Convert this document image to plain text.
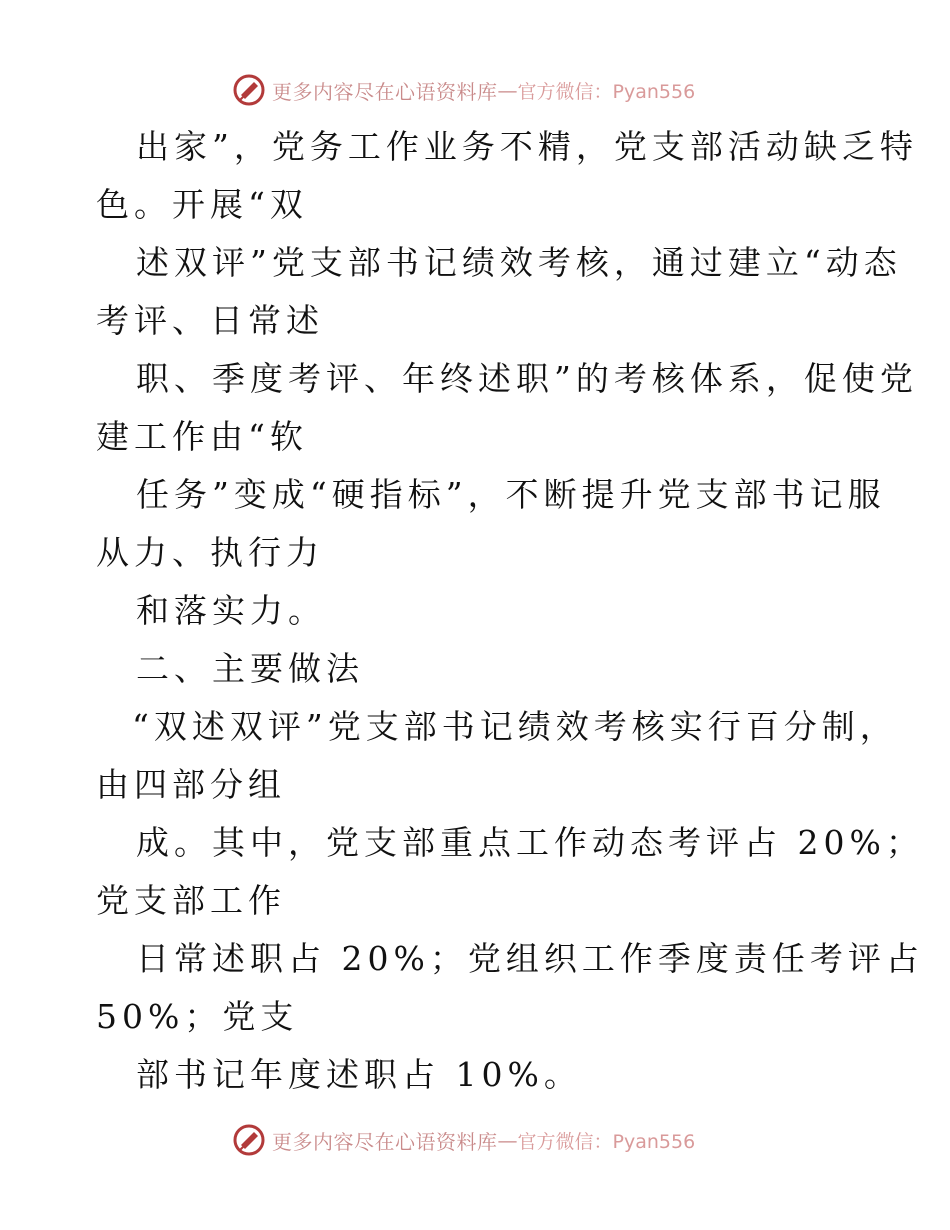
更多内容尽在心语资料库 — 官方微信：Pyan556
出家”，党务工作业务不精，党支部活动缺乏特
色。开展“双
述双评”党支部书记绩效考核，通过建立“动态
考评、日常述
职、季度考评、年终述职”的考核体系，促使党
建工作由“软
任务”变成“硬指标”，不断提升党支部书记服
从力、执行力
和落实力。
二、主要做法
“双述双评”党支部书记绩效考核实行百分制，
由四部分组
成。其中，党支部重点工作动态考评占 20%；
党支部工作
日常述职占 20%；党组织工作季度责任考评占
50%；党支
部书记年度述职占 10%。
更多内容尽在心语资料库 — 官方微信：Pyan556
